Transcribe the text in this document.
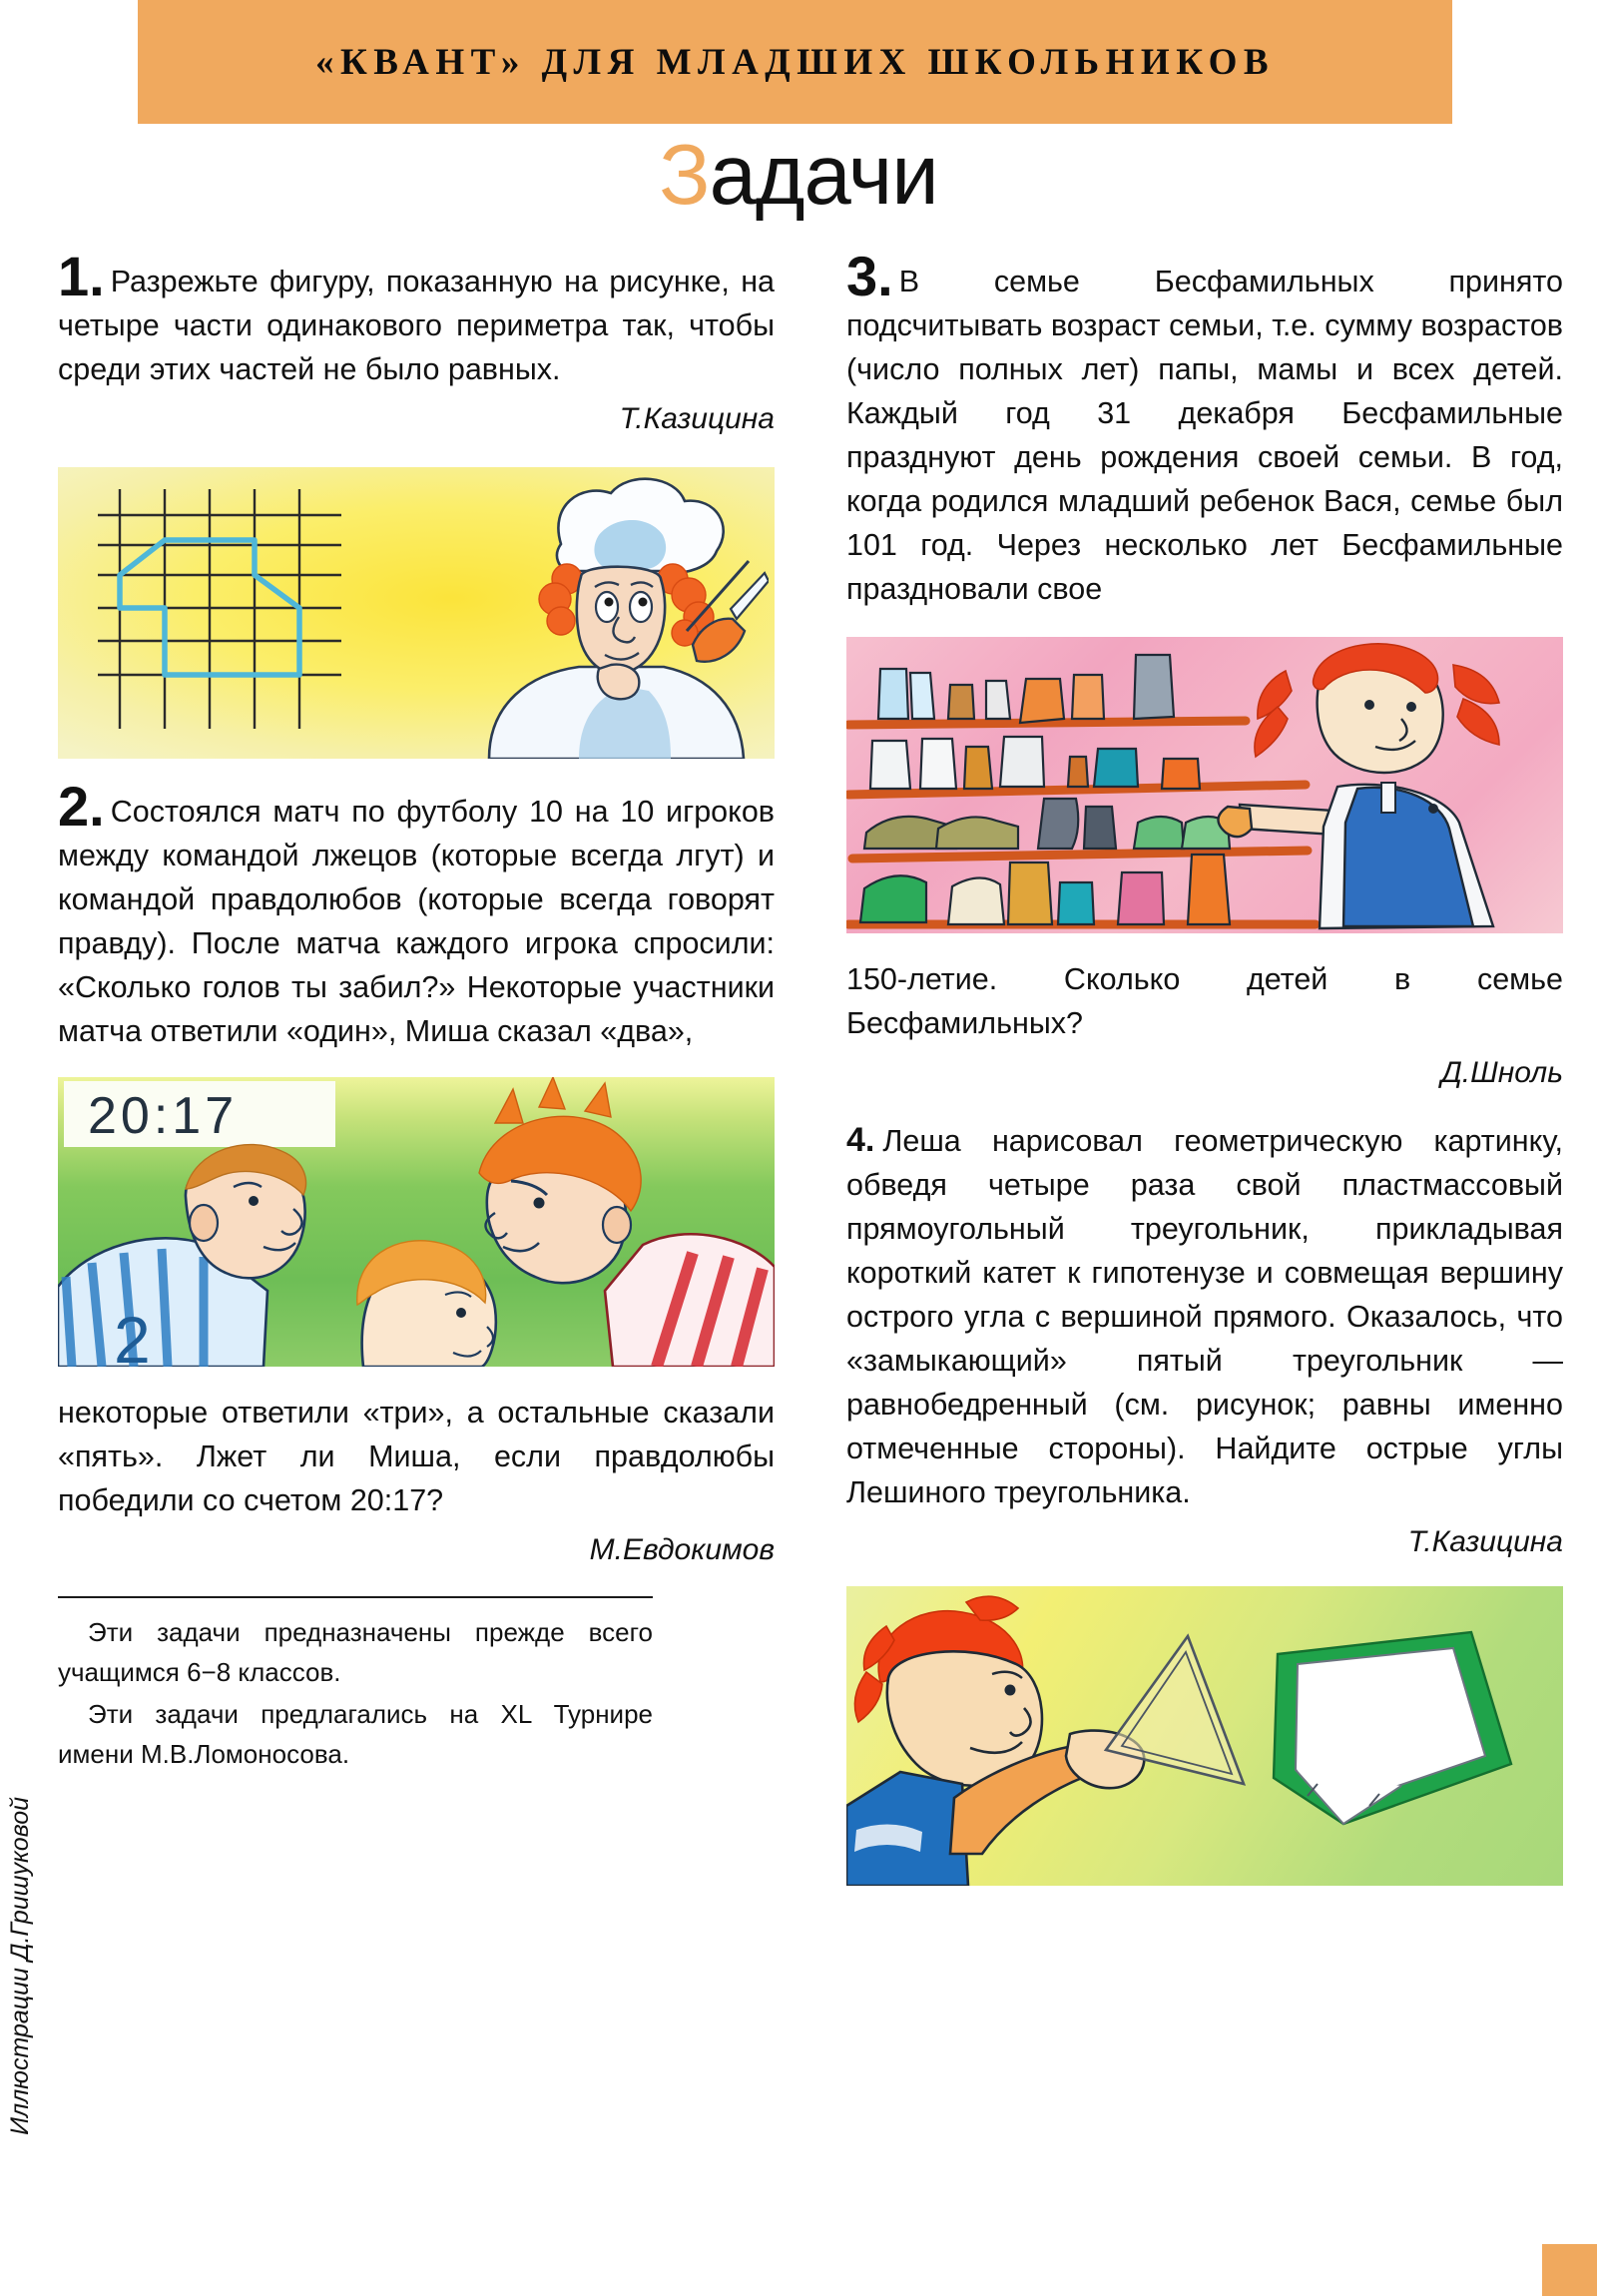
«КВАНТ» ДЛЯ МЛАДШИХ ШКОЛЬНИКОВ
Задачи

1. Разрежьте фигуру, показанную на рисунке, на четыре части одинакового периметра так, чтобы среди этих частей не было равных.

Т.Казицина

2. Состоялся матч по футболу 10 на 10 игроков между командой лжецов (которые всегда лгут) и командой правдолюбов (которые всегда говорят правду). После матча каждого игрока спросили: «Сколько голов ты забил?» Некоторые участники матча ответили «один», Миша сказал «два»,

20:17
2

некоторые ответили «три», а остальные сказали «пять». Лжет ли Миша, если правдолюбы победили со счетом 20:17?

М.Евдокимов

Эти задачи предназначены прежде всего учащимся 6−8 классов.

Эти задачи предлагались на XL Турнире имени М.В.Ломоносова.

3. В семье Бесфамильных принято подсчитывать возраст семьи, т.е. сумму возрастов (число полных лет) папы, мамы и всех детей. Каждый год 31 декабря Бесфамильные празднуют день рождения своей семьи. В год, когда родился младший ребенок Вася, семье был 101 год. Через несколько лет Бесфамильные праздновали свое

150-летие. Сколько детей в семье Бесфамильных?

Д.Шноль

4. Леша нарисовал геометрическую картинку, обведя четыре раза свой пластмассовый прямоугольный треугольник, прикладывая короткий катет к гипотенузе и совмещая вершину острого угла с вершиной прямого. Оказалось, что «замыкающий» пятый треугольник — равнобедренный (см. рисунок; равны именно отмеченные стороны). Найдите острые углы Лешиного треугольника.

Т.Казицина

Иллюстрации Д.Гришуковой
